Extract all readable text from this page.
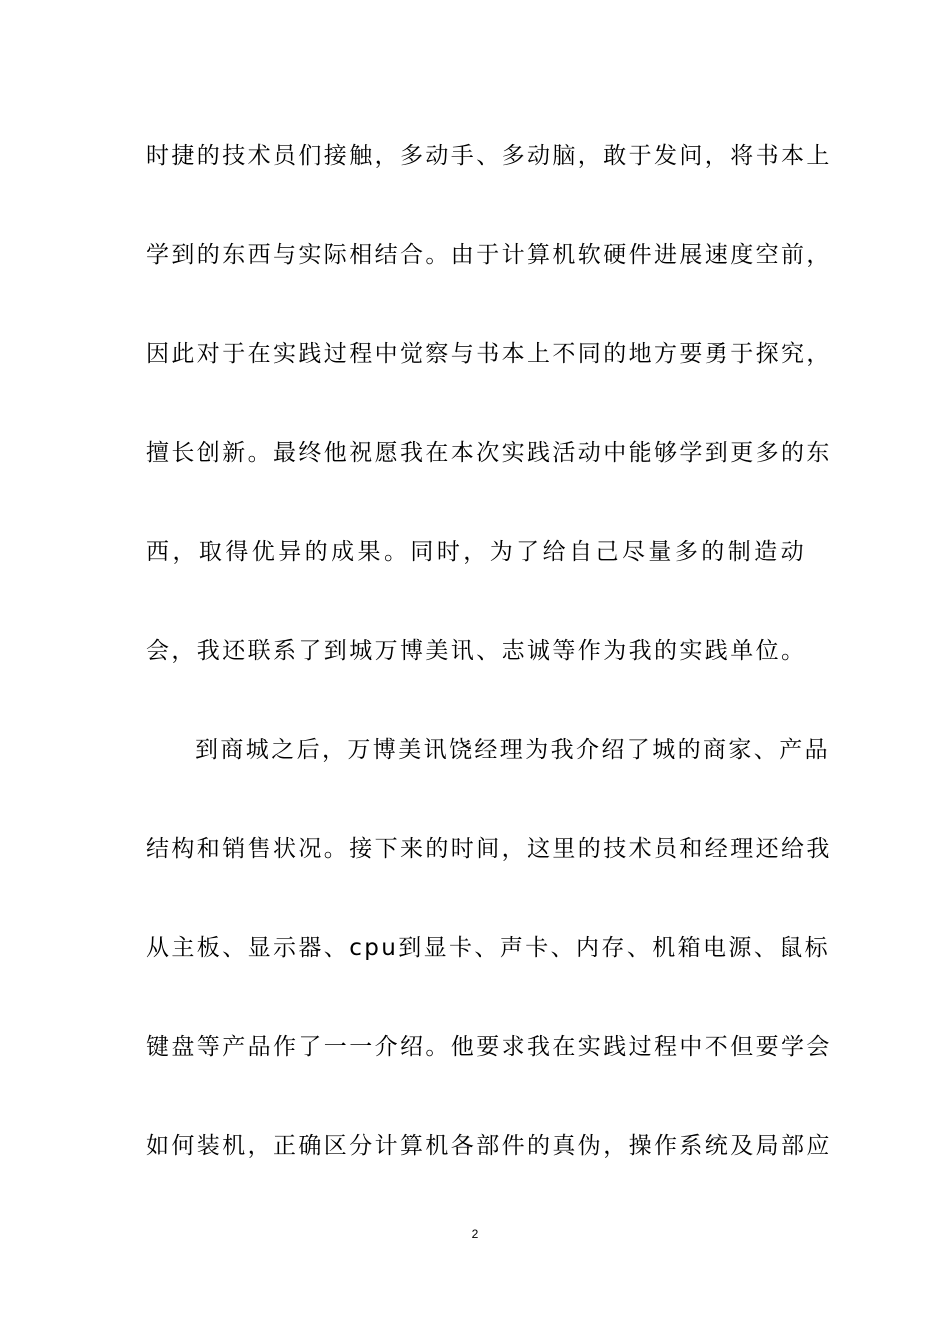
时捷的技术员们接触，多动手、多动脑，敢于发问，将书本上
学到的东西与实际相结合。由于计算机软硬件进展速度空前，
因此对于在实践过程中觉察与书本上不同的地方要勇于探究，
擅长创新。最终他祝愿我在本次实践活动中能够学到更多的东
西，取得优异的成果。同时，为了给自己尽量多的制造动
会，我还联系了到城万博美讯、志诚等作为我的实践单位。
到商城之后，万博美讯饶经理为我介绍了城的商家、产品
结构和销售状况。接下来的时间，这里的技术员和经理还给我
从主板、显示器、cpu到显卡、声卡、内存、机箱电源、鼠标
键盘等产品作了一一介绍。他要求我在实践过程中不但要学会
如何装机，正确区分计算机各部件的真伪，操作系统及局部应
2
